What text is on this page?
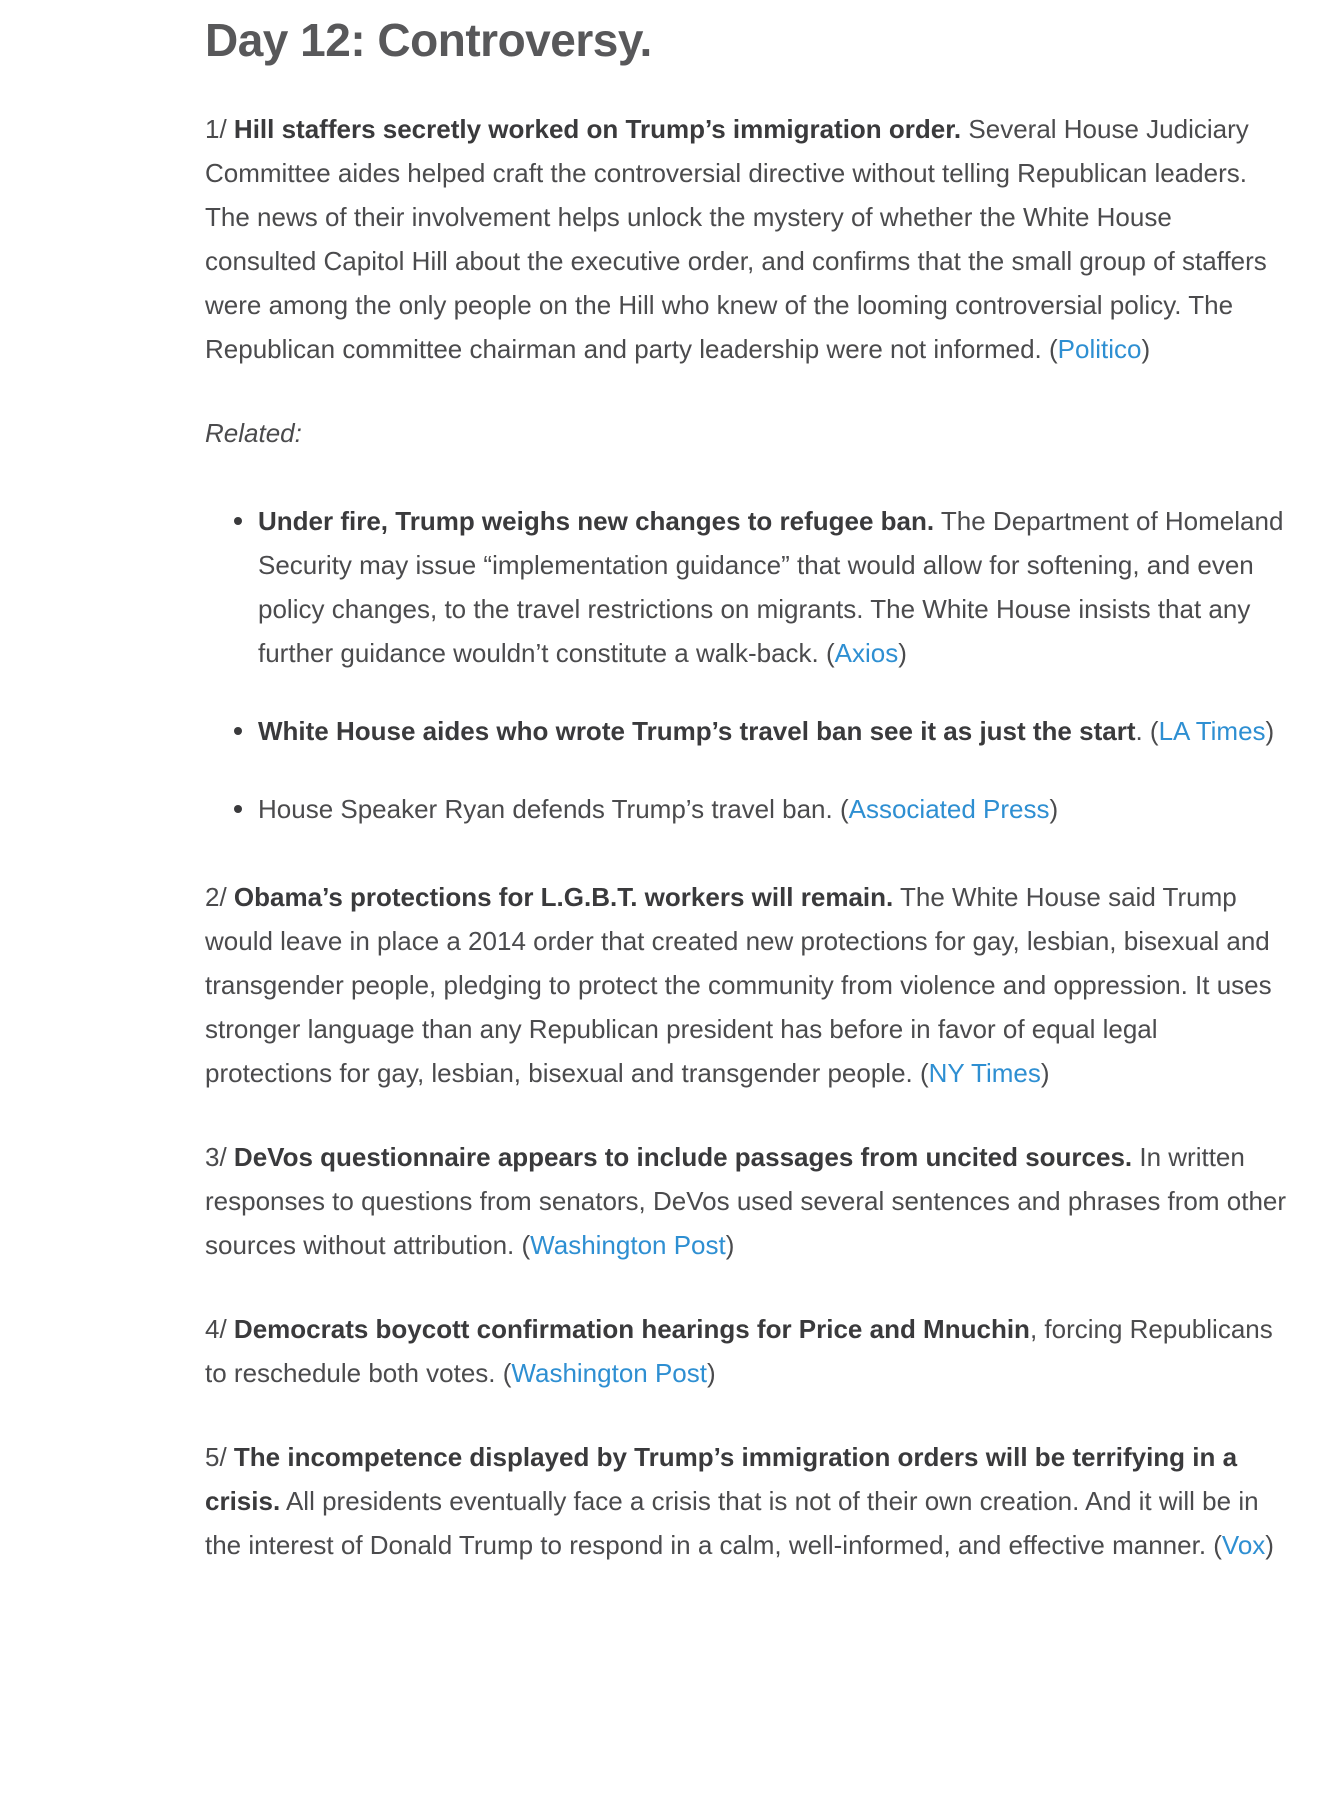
Day 12: Controversy.

1/ Hill staffers secretly worked on Trump’s immigration order. Several House Judiciary Committee aides helped craft the controversial directive without telling Republican leaders. The news of their involvement helps unlock the mystery of whether the White House consulted Capitol Hill about the executive order, and confirms that the small group of staffers were among the only people on the Hill who knew of the looming controversial policy. The Republican committee chairman and party leadership were not informed. (Politico)

Related:

Under fire, Trump weighs new changes to refugee ban. The Department of Homeland Security may issue “implementation guidance” that would allow for softening, and even policy changes, to the travel restrictions on migrants. The White House insists that any further guidance wouldn’t constitute a walk-back. (Axios)
White House aides who wrote Trump’s travel ban see it as just the start. (LA Times)
House Speaker Ryan defends Trump’s travel ban. (Associated Press)

2/ Obama’s protections for L.G.B.T. workers will remain. The White House said Trump would leave in place a 2014 order that created new protections for gay, lesbian, bisexual and transgender people, pledging to protect the community from violence and oppression. It uses stronger language than any Republican president has before in favor of equal legal protections for gay, lesbian, bisexual and transgender people. (NY Times)

3/ DeVos questionnaire appears to include passages from uncited sources. In written responses to questions from senators, DeVos used several sentences and phrases from other sources without attribution. (Washington Post)

4/ Democrats boycott confirmation hearings for Price and Mnuchin, forcing Republicans to reschedule both votes. (Washington Post)

5/ The incompetence displayed by Trump’s immigration orders will be terrifying in a crisis. All presidents eventually face a crisis that is not of their own creation. And it will be in the interest of Donald Trump to respond in a calm, well-informed, and effective manner. (Vox)
